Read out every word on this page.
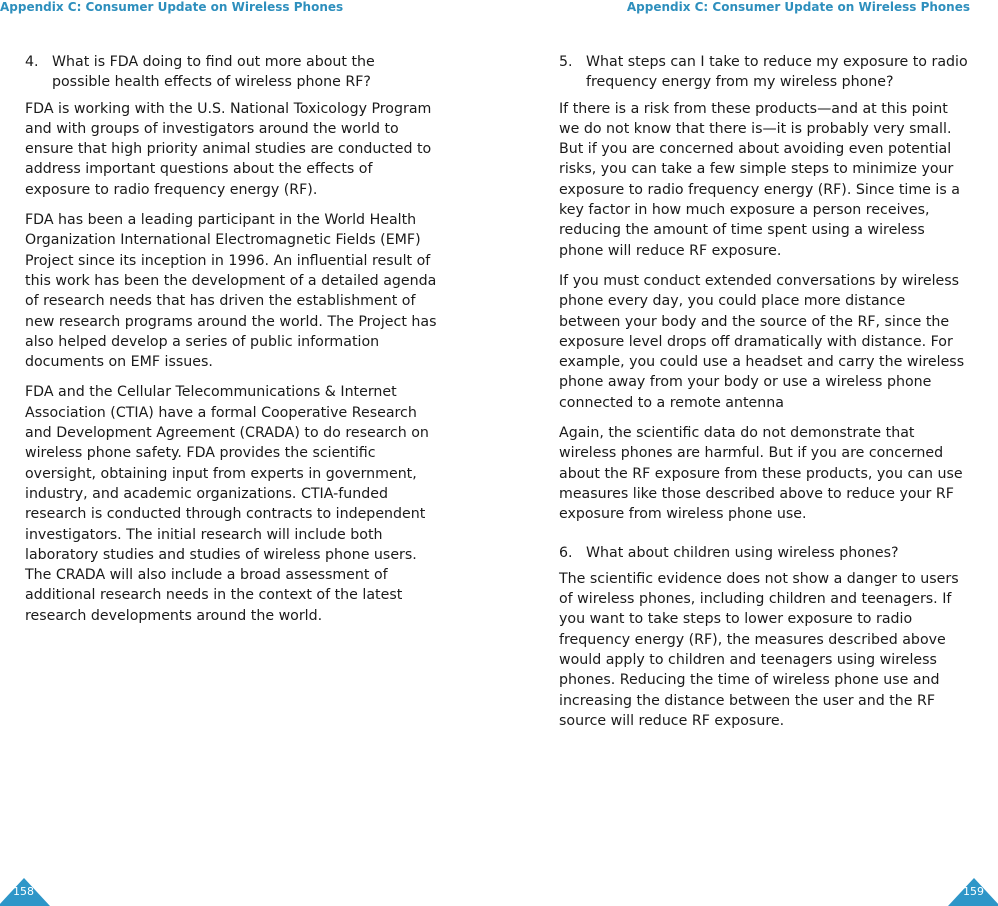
Appendix C: Consumer Update on Wireless Phones
4. What is FDA doing to find out more about the possible health effects of wireless phone RF?

FDA is working with the U.S. National Toxicology Program and with groups of investigators around the world to ensure that high priority animal studies are conducted to address important questions about the effects of exposure to radio frequency energy (RF).

FDA has been a leading participant in the World Health Organization International Electromagnetic Fields (EMF) Project since its inception in 1996. An influential result of this work has been the development of a detailed agenda of research needs that has driven the establishment of new research programs around the world. The Project has also helped develop a series of public information documents on EMF issues.

FDA and the Cellular Telecommunications & Internet Association (CTIA) have a formal Cooperative Research and Development Agreement (CRADA) to do research on wireless phone safety. FDA provides the scientific oversight, obtaining input from experts in government, industry, and academic organizations. CTIA-funded research is conducted through contracts to independent investigators. The initial research will include both laboratory studies and studies of wireless phone users. The CRADA will also include a broad assessment of additional research needs in the context of the latest research developments around the world.

158
Appendix C: Consumer Update on Wireless Phones
5. What steps can I take to reduce my exposure to radio frequency energy from my wireless phone?

If there is a risk from these products—and at this point we do not know that there is—it is probably very small. But if you are concerned about avoiding even potential risks, you can take a few simple steps to minimize your exposure to radio frequency energy (RF). Since time is a key factor in how much exposure a person receives, reducing the amount of time spent using a wireless phone will reduce RF exposure.

If you must conduct extended conversations by wireless phone every day, you could place more distance between your body and the source of the RF, since the exposure level drops off dramatically with distance. For example, you could use a headset and carry the wireless phone away from your body or use a wireless phone connected to a remote antenna

Again, the scientific data do not demonstrate that wireless phones are harmful. But if you are concerned about the RF exposure from these products, you can use measures like those described above to reduce your RF exposure from wireless phone use.

6. What about children using wireless phones?

The scientific evidence does not show a danger to users of wireless phones, including children and teenagers. If you want to take steps to lower exposure to radio frequency energy (RF), the measures described above would apply to children and teenagers using wireless phones. Reducing the time of wireless phone use and increasing the distance between the user and the RF source will reduce RF exposure.

159
